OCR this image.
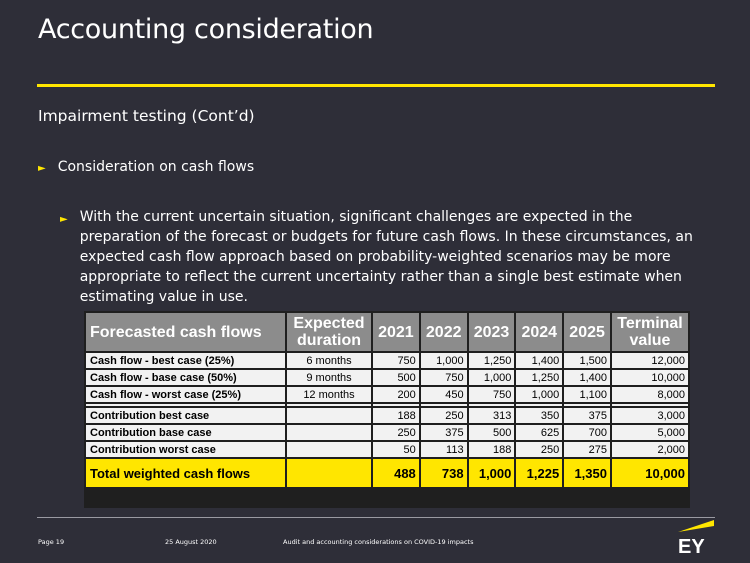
Accounting consideration
Impairment testing (Cont’d)
► Consideration on cash flows
► With the current uncertain situation, significant challenges are expected in the preparation of the forecast or budgets for future cash flows. In these circumstances, an expected cash flow approach based on probability-weighted scenarios may be more appropriate to reflect the current uncertainty rather than a single best estimate when estimating value in use.
Forecasted cash flows	Expected duration	2021	2022	2023	2024	2025	Terminal value
Cash flow - best case (25%)	6 months	750	1,000	1,250	1,400	1,500	12,000
Cash flow - base case (50%)	9 months	500	750	1,000	1,250	1,400	10,000
Cash flow - worst case (25%)	12 months	200	450	750	1,000	1,100	8,000

Contribution best case		188	250	313	350	375	3,000
Contribution base case		250	375	500	625	700	5,000
Contribution worst case		50	113	188	250	275	2,000
Total weighted cash flows		488	738	1,000	1,225	1,350	10,000
Page 19	25 August 2020	Audit and accounting considerations on COVID-19 impacts	EY
